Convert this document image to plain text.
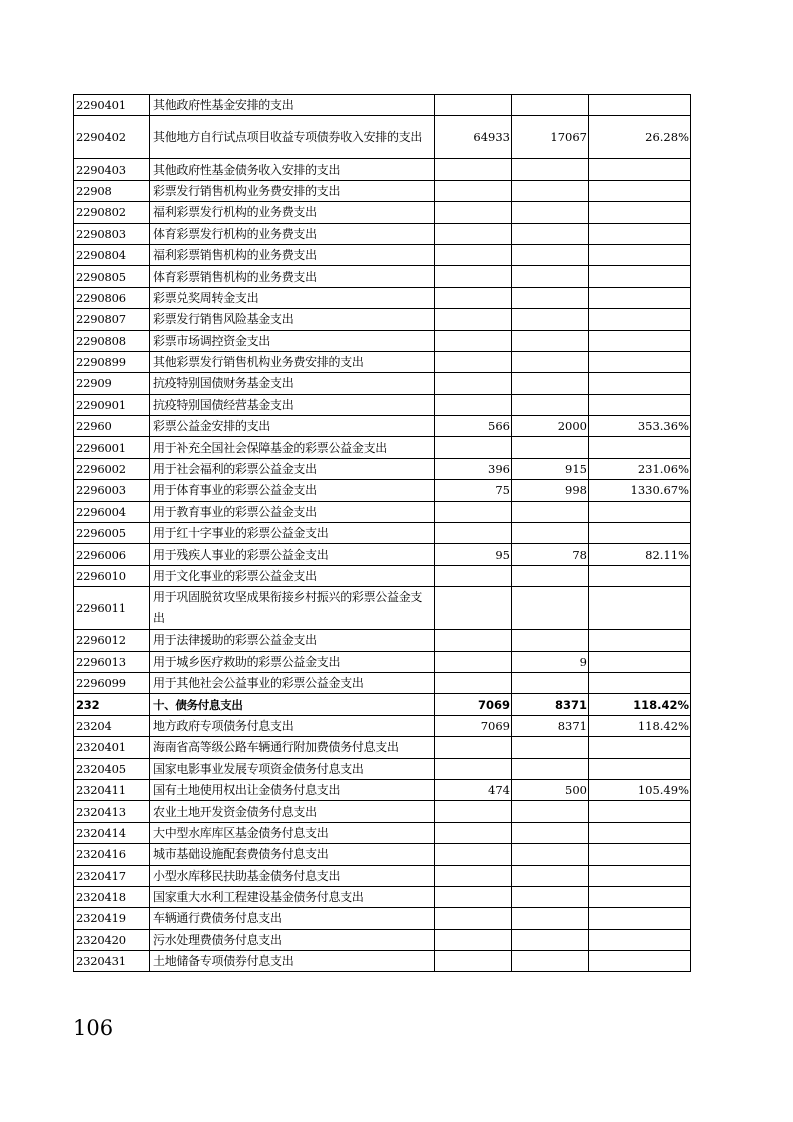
2290401	其他政府性基金安排的支出			
2290402	其他地方自行试点项目收益专项债券收入安排的支出	64933	17067	26.28%
2290403	其他政府性基金债务收入安排的支出			
22908	彩票发行销售机构业务费安排的支出			
2290802	福利彩票发行机构的业务费支出			
2290803	体育彩票发行机构的业务费支出			
2290804	福利彩票销售机构的业务费支出			
2290805	体育彩票销售机构的业务费支出			
2290806	彩票兑奖周转金支出			
2290807	彩票发行销售风险基金支出			
2290808	彩票市场调控资金支出			
2290899	其他彩票发行销售机构业务费安排的支出			
22909	抗疫特别国债财务基金支出			
2290901	抗疫特别国债经营基金支出			
22960	彩票公益金安排的支出	566	2000	353.36%
2296001	用于补充全国社会保障基金的彩票公益金支出			
2296002	用于社会福利的彩票公益金支出	396	915	231.06%
2296003	用于体育事业的彩票公益金支出	75	998	1330.67%
2296004	用于教育事业的彩票公益金支出			
2296005	用于红十字事业的彩票公益金支出			
2296006	用于残疾人事业的彩票公益金支出	95	78	82.11%
2296010	用于文化事业的彩票公益金支出			
2296011	用于巩固脱贫攻坚成果衔接乡村振兴的彩票公益金支出			
2296012	用于法律援助的彩票公益金支出			
2296013	用于城乡医疗救助的彩票公益金支出		9	
2296099	用于其他社会公益事业的彩票公益金支出			
232	十、债务付息支出	7069	8371	118.42%
23204	地方政府专项债务付息支出	7069	8371	118.42%
2320401	海南省高等级公路车辆通行附加费债务付息支出			
2320405	国家电影事业发展专项资金债务付息支出			
2320411	国有土地使用权出让金债务付息支出	474	500	105.49%
2320413	农业土地开发资金债务付息支出			
2320414	大中型水库库区基金债务付息支出			
2320416	城市基础设施配套费债务付息支出			
2320417	小型水库移民扶助基金债务付息支出			
2320418	国家重大水利工程建设基金债务付息支出			
2320419	车辆通行费债务付息支出			
2320420	污水处理费债务付息支出			
2320431	土地储备专项债券付息支出			
106
